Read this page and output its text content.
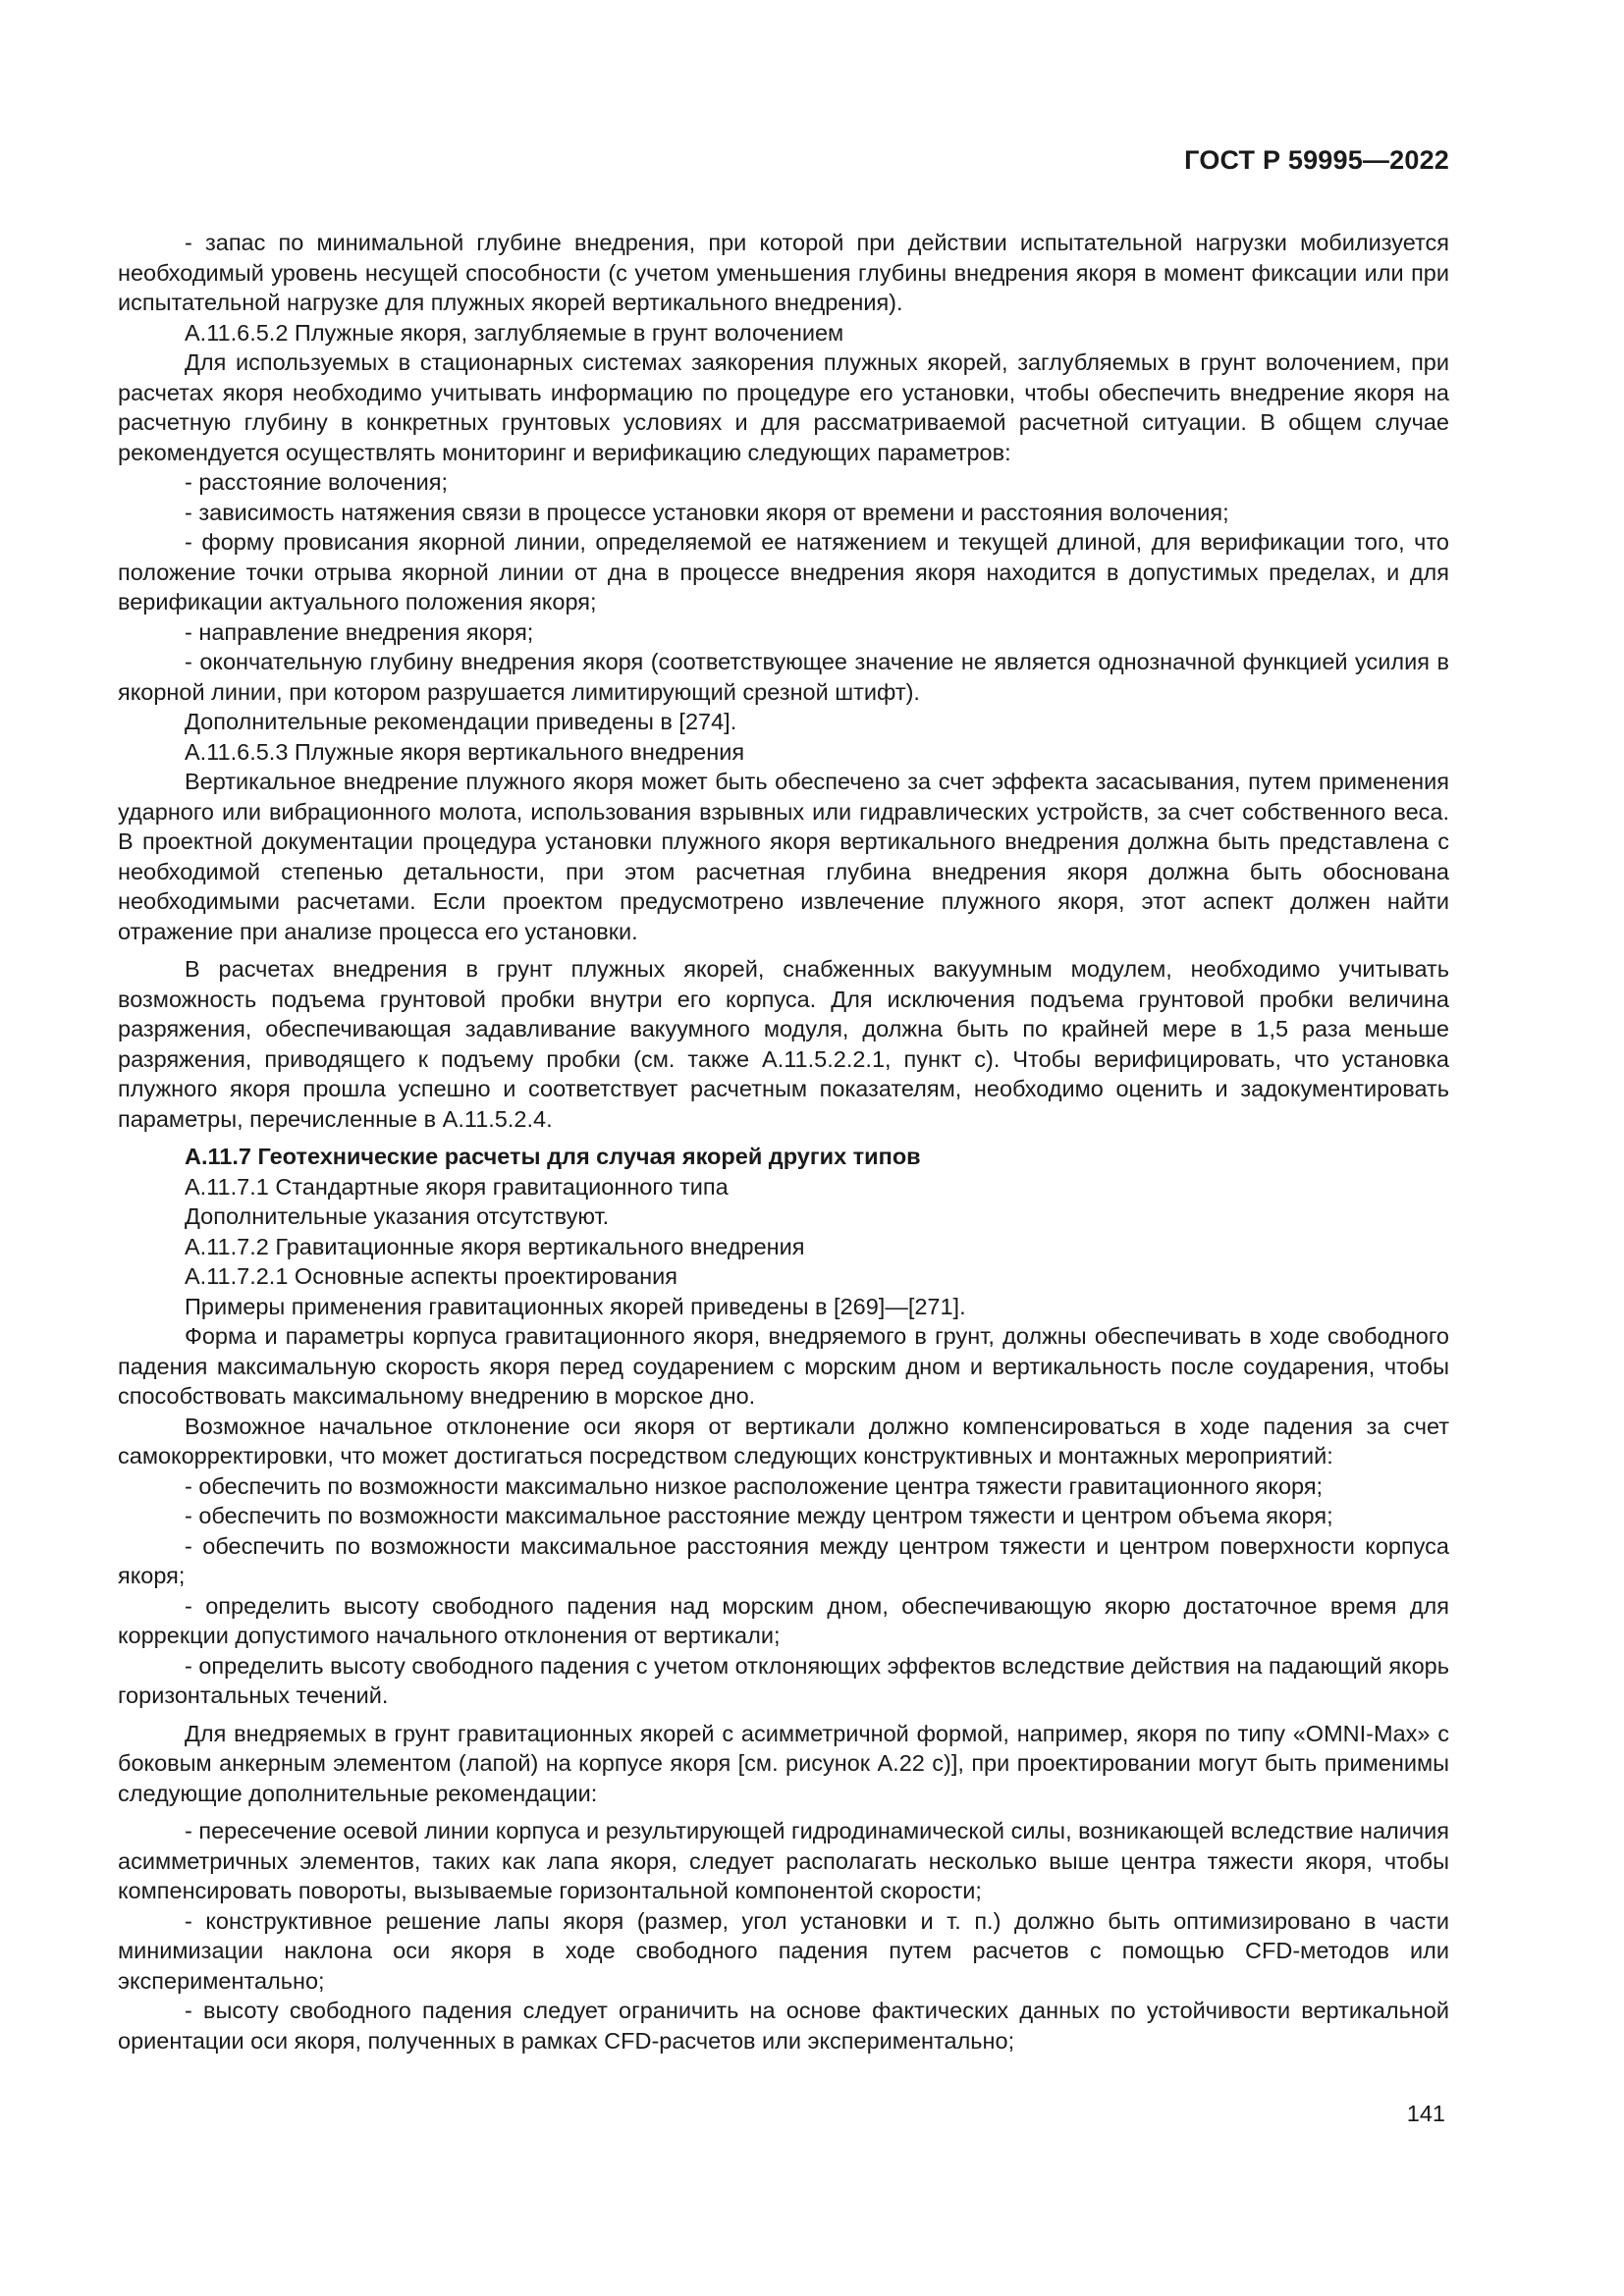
ГОСТ Р 59995—2022

- запас по минимальной глубине внедрения, при которой при действии испытательной нагрузки мобилизуется необходимый уровень несущей способности (с учетом уменьшения глубины внедрения якоря в момент фиксации или при испытательной нагрузке для плужных якорей вертикального внедрения).

А.11.6.5.2 Плужные якоря, заглубляемые в грунт волочением

Для используемых в стационарных системах заякорения плужных якорей, заглубляемых в грунт волочением, при расчетах якоря необходимо учитывать информацию по процедуре его установки, чтобы обеспечить внедрение якоря на расчетную глубину в конкретных грунтовых условиях и для рассматриваемой расчетной ситуации. В общем случае рекомендуется осуществлять мониторинг и верификацию следующих параметров:

- расстояние волочения;

- зависимость натяжения связи в процессе установки якоря от времени и расстояния волочения;

- форму провисания якорной линии, определяемой ее натяжением и текущей длиной, для верификации того, что положение точки отрыва якорной линии от дна в процессе внедрения якоря находится в допустимых пределах, и для верификации актуального положения якоря;

- направление внедрения якоря;

- окончательную глубину внедрения якоря (соответствующее значение не является однозначной функцией усилия в якорной линии, при котором разрушается лимитирующий срезной штифт).

Дополнительные рекомендации приведены в [274].

А.11.6.5.3 Плужные якоря вертикального внедрения

Вертикальное внедрение плужного якоря может быть обеспечено за счет эффекта засасывания, путем применения ударного или вибрационного молота, использования взрывных или гидравлических устройств, за счет собственного веса. В проектной документации процедура установки плужного якоря вертикального внедрения должна быть представлена с необходимой степенью детальности, при этом расчетная глубина внедрения якоря должна быть обоснована необходимыми расчетами. Если проектом предусмотрено извлечение плужного якоря, этот аспект должен найти отражение при анализе процесса его установки.

В расчетах внедрения в грунт плужных якорей, снабженных вакуумным модулем, необходимо учитывать возможность подъема грунтовой пробки внутри его корпуса. Для исключения подъема грунтовой пробки величина разряжения, обеспечивающая задавливание вакуумного модуля, должна быть по крайней мере в 1,5 раза меньше разряжения, приводящего к подъему пробки (см. также А.11.5.2.2.1, пункт c). Чтобы верифицировать, что установка плужного якоря прошла успешно и соответствует расчетным показателям, необходимо оценить и задокументировать параметры, перечисленные в А.11.5.2.4.

А.11.7 Геотехнические расчеты для случая якорей других типов

А.11.7.1 Стандартные якоря гравитационного типа

Дополнительные указания отсутствуют.

А.11.7.2 Гравитационные якоря вертикального внедрения

А.11.7.2.1 Основные аспекты проектирования

Примеры применения гравитационных якорей приведены в [269]—[271].

Форма и параметры корпуса гравитационного якоря, внедряемого в грунт, должны обеспечивать в ходе свободного падения максимальную скорость якоря перед соударением с морским дном и вертикальность после соударения, чтобы способствовать максимальному внедрению в морское дно.

Возможное начальное отклонение оси якоря от вертикали должно компенсироваться в ходе падения за счет самокорректировки, что может достигаться посредством следующих конструктивных и монтажных мероприятий:

- обеспечить по возможности максимально низкое расположение центра тяжести гравитационного якоря;

- обеспечить по возможности максимальное расстояние между центром тяжести и центром объема якоря;

- обеспечить по возможности максимальное расстояния между центром тяжести и центром поверхности корпуса якоря;

- определить высоту свободного падения над морским дном, обеспечивающую якорю достаточное время для коррекции допустимого начального отклонения от вертикали;

- определить высоту свободного падения с учетом отклоняющих эффектов вследствие действия на падающий якорь горизонтальных течений.

Для внедряемых в грунт гравитационных якорей с асимметричной формой, например, якоря по типу «OMNI-Max» с боковым анкерным элементом (лапой) на корпусе якоря [см. рисунок А.22 c)], при проектировании могут быть применимы следующие дополнительные рекомендации:

- пересечение осевой линии корпуса и результирующей гидродинамической силы, возникающей вследствие наличия асимметричных элементов, таких как лапа якоря, следует располагать несколько выше центра тяжести якоря, чтобы компенсировать повороты, вызываемые горизонтальной компонентой скорости;

- конструктивное решение лапы якоря (размер, угол установки и т. п.) должно быть оптимизировано в части минимизации наклона оси якоря в ходе свободного падения путем расчетов с помощью CFD-методов или экспериментально;

- высоту свободного падения следует ограничить на основе фактических данных по устойчивости вертикальной ориентации оси якоря, полученных в рамках CFD-расчетов или экспериментально;

141
